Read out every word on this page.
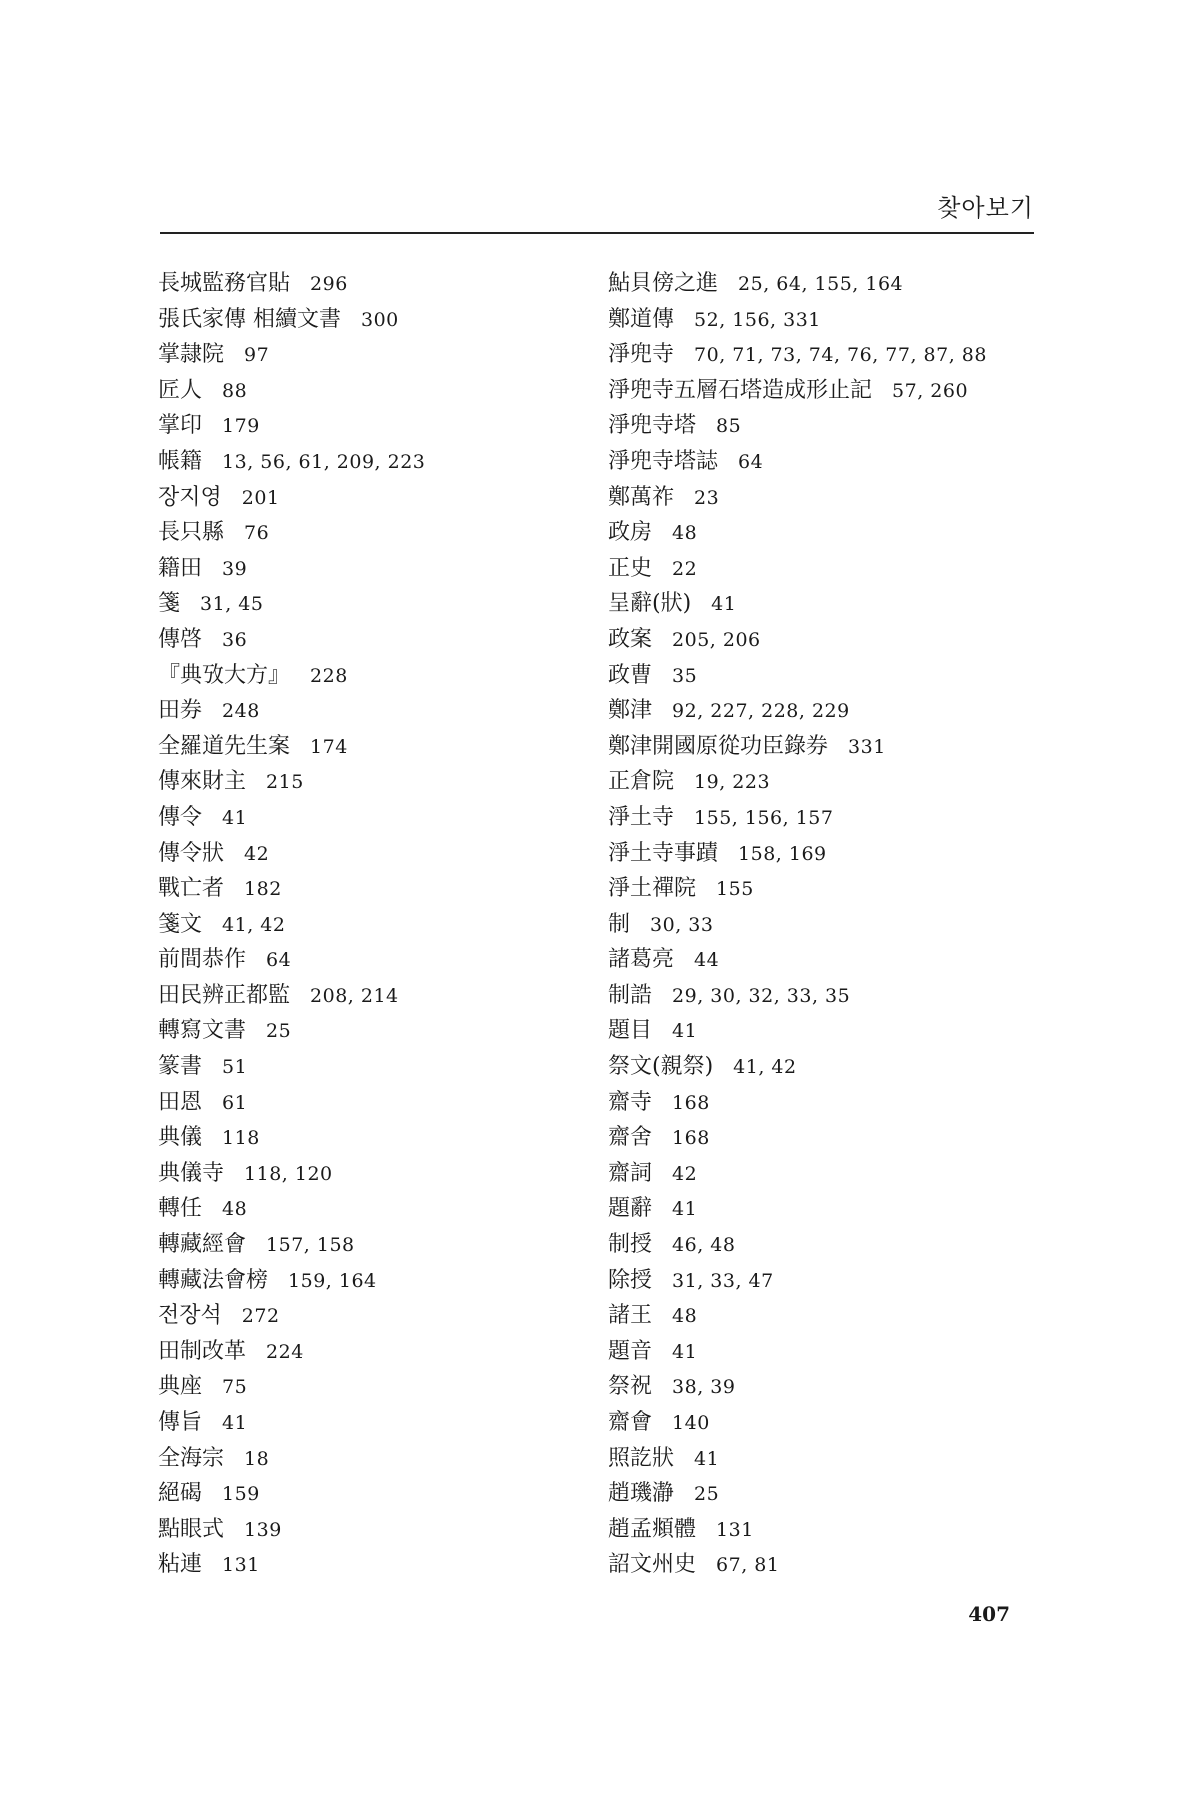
찾아보기
長城監務官貼 296
張氏家傳 相續文書 300
掌隷院 97
匠人 88
掌印 179
帳籍 13, 56, 61, 209, 223
장지영 201
長只縣 76
籍田 39
箋 31, 45
傳啓 36
『典攷大方』 228
田券 248
全羅道先生案 174
傳來財主 215
傳令 41
傳令狀 42
戰亡者 182
箋文 41, 42
前間恭作 64
田民辨正都監 208, 214
轉寫文書 25
篆書 51
田恩 61
典儀 118
典儀寺 118, 120
轉任 48
轉藏經會 157, 158
轉藏法會榜 159, 164
전장석 272
田制改革 224
典座 75
傳旨 41
全海宗 18
絕碣 159
點眼式 139
粘連 131
鮎貝傍之進 25, 64, 155, 164
鄭道傳 52, 156, 331
淨兜寺 70, 71, 73, 74, 76, 77, 87, 88
淨兜寺五層石塔造成形止記 57, 260
淨兜寺塔 85
淨兜寺塔誌 64
鄭萬祚 23
政房 48
正史 22
呈辭(狀) 41
政案 205, 206
政曹 35
鄭津 92, 227, 228, 229
鄭津開國原從功臣錄券 331
正倉院 19, 223
淨土寺 155, 156, 157
淨土寺事蹟 158, 169
淨土禪院 155
制 30, 33
諸葛亮 44
制誥 29, 30, 32, 33, 35
題目 41
祭文(親祭) 41, 42
齋寺 168
齋舍 168
齋詞 42
題辭 41
制授 46, 48
除授 31, 33, 47
諸王 48
題音 41
祭祝 38, 39
齋會 140
照訖狀 41
趙璣瀞 25
趙孟頫體 131
詔文州史 67, 81
407
